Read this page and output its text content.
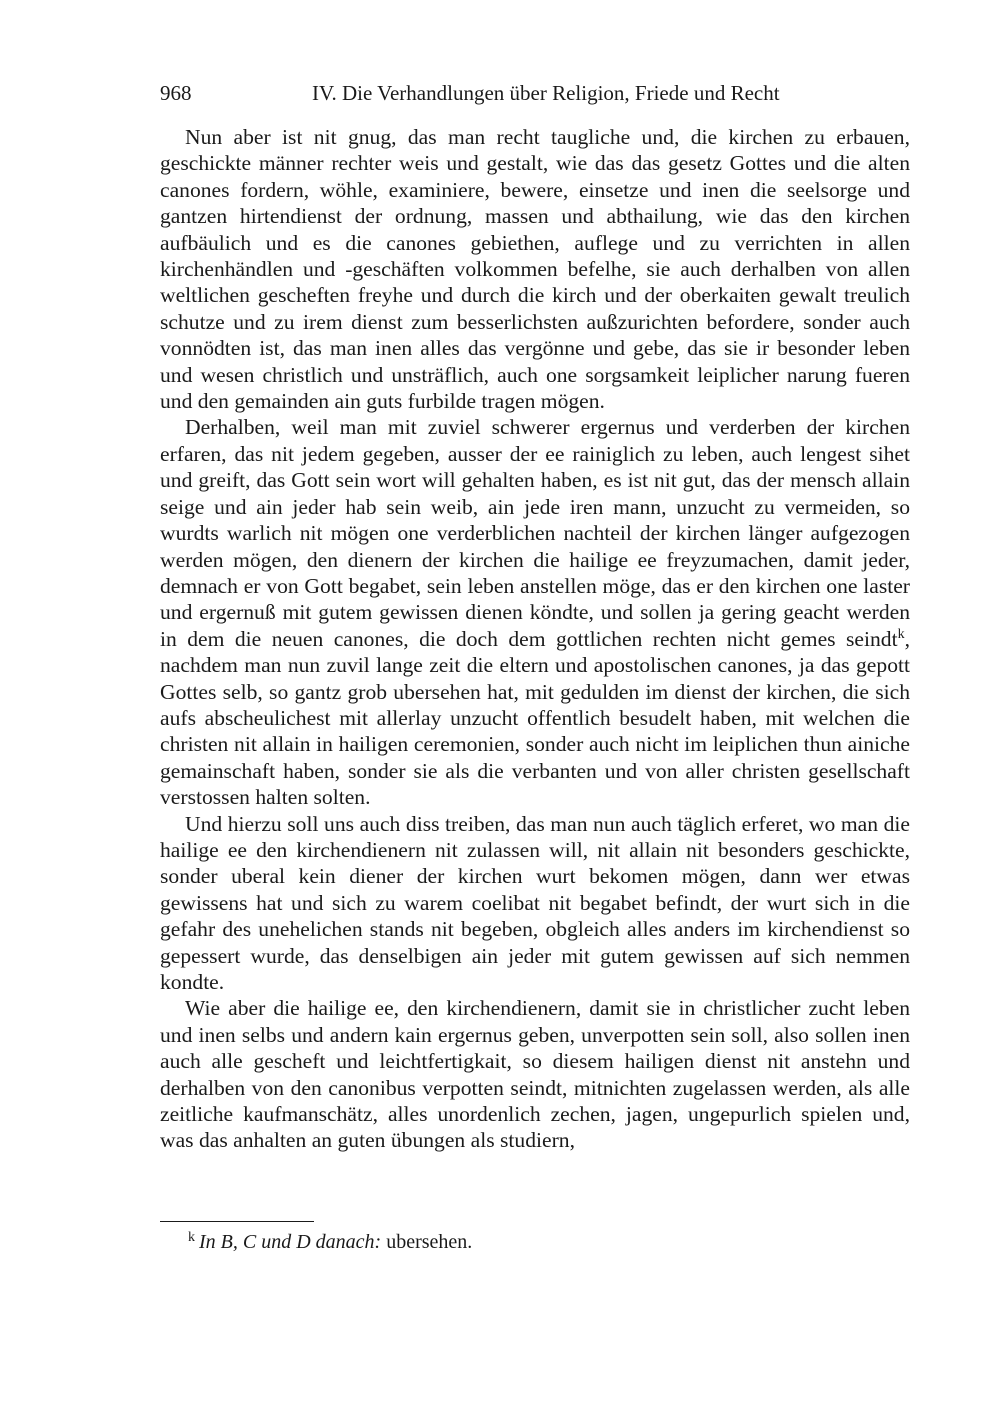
968	IV. Die Verhandlungen über Religion, Friede und Recht

Nun aber ist nit gnug, das man recht taugliche und, die kirchen zu erbauen, geschickte männer rechter weis und gestalt, wie das das gesetz Gottes und die alten canones fordern, wöhle, examiniere, bewere, einsetze und inen die seelsorge und gantzen hirtendienst der ordnung, massen und abthailung, wie das den kirchen aufbäulich und es die canones gebiethen, auflege und zu verrichten in allen kirchenhändlen und -geschäften volkommen befelhe, sie auch derhalben von allen weltlichen gescheften freyhe und durch die kirch und der oberkaiten gewalt treulich schutze und zu irem dienst zum besserlichsten außzurichten befordere, sonder auch vonnödten ist, das man inen alles das vergönne und gebe, das sie ir besonder leben und wesen christlich und unsträflich, auch one sorgsamkeit leiplicher narung fueren und den gemainden ain guts furbilde tragen mögen.

Derhalben, weil man mit zuviel schwerer ergernus und verderben der kirchen erfaren, das nit jedem gegeben, ausser der ee rainiglich zu leben, auch lengest sihet und greift, das Gott sein wort will gehalten haben, es ist nit gut, das der mensch allain seige und ain jeder hab sein weib, ain jede iren mann, unzucht zu vermeiden, so wurdts warlich nit mögen one verderblichen nachteil der kirchen länger aufgezogen werden mögen, den dienern der kirchen die hailige ee freyzumachen, damit jeder, demnach er von Gott begabet, sein leben anstellen möge, das er den kirchen one laster und ergernuß mit gutem gewissen dienen köndte, und sollen ja gering geacht werden in dem die neuen canones, die doch dem gottlichen rechten nicht gemes seindt$^k$, nachdem man nun zuvil lange zeit die eltern und apostolischen canones, ja das gepott Gottes selb, so gantz grob ubersehen hat, mit gedulden im dienst der kirchen, die sich aufs abscheulichest mit allerlay unzucht offentlich besudelt haben, mit welchen die christen nit allain in hailigen ceremonien, sonder auch nicht im leiplichen thun ainiche gemainschaft haben, sonder sie als die verbanten und von aller christen gesellschaft verstossen halten solten.

Und hierzu soll uns auch diss treiben, das man nun auch täglich erferet, wo man die hailige ee den kirchendienern nit zulassen will, nit allain nit besonders geschickte, sonder uberal kein diener der kirchen wurt bekomen mögen, dann wer etwas gewissens hat und sich zu warem coelibat nit begabet befindt, der wurt sich in die gefahr des unehelichen stands nit begeben, obgleich alles anders im kirchendienst so gepessert wurde, das denselbigen ain jeder mit gutem gewissen auf sich nemmen kondte.

Wie aber die hailige ee, den kirchendienern, damit sie in christlicher zucht leben und inen selbs und andern kain ergernus geben, unverpotten sein soll, also sollen inen auch alle gescheft und leichtfertigkait, so diesem hailigen dienst nit anstehn und derhalben von den canonibus verpotten seindt, mitnichten zugelassen werden, als alle zeitliche kaufmanschätz, alles unordenlich zechen, jagen, ungepurlich spielen und, was das anhalten an guten übungen als studiern,

$^k$ In B, C und D danach: ubersehen.
